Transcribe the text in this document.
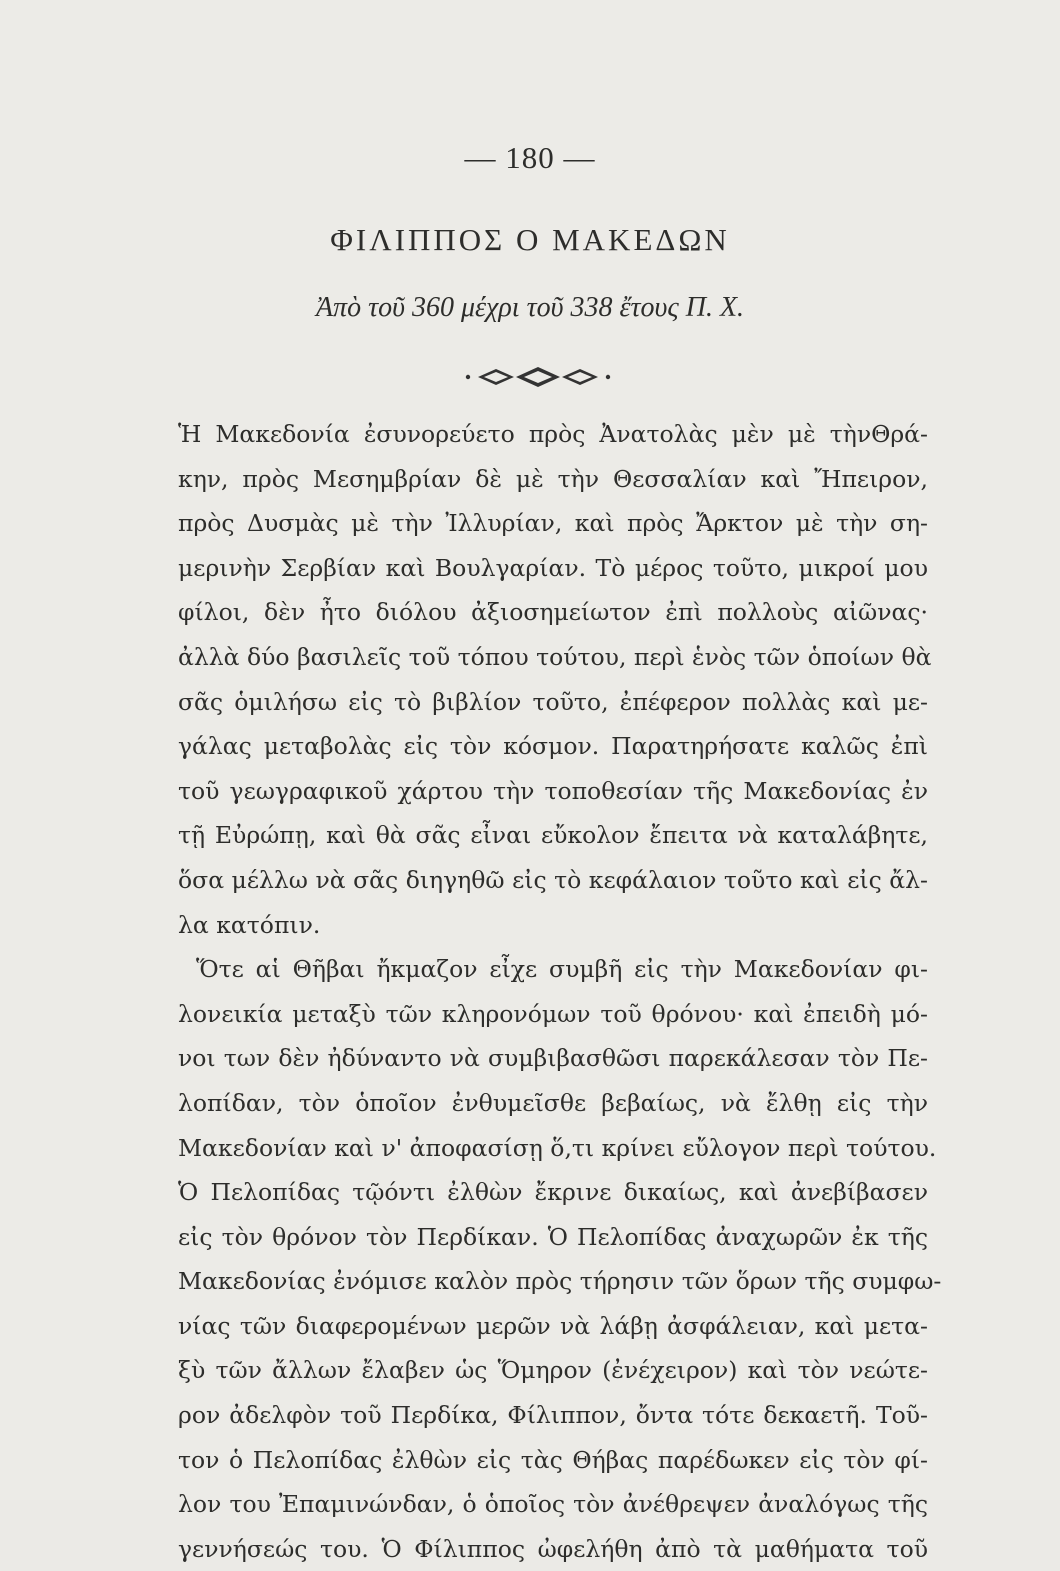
— 180 —
ΦΙΛΙΠΠΟΣ Ο ΜΑΚΕΔΩΝ
Ἀπὸ τοῦ 360 μέχρι τοῦ 338 ἔτους Π. Χ.
Ἡ Μακεδονία ἐσυνορεύετο πρὸς Ἀνατολὰς μὲν μὲ τὴνΘρά-
κην, πρὸς Μεσημβρίαν δὲ μὲ τὴν Θεσσαλίαν καὶ Ἤπειρον,
πρὸς Δυσμὰς μὲ τὴν Ἰλλυρίαν, καὶ πρὸς Ἄρκτον μὲ τὴν ση-
μερινὴν Σερβίαν καὶ Βουλγαρίαν. Τὸ μέρος τοῦτο, μικροί μου
φίλοι, δὲν ἦτο διόλου ἀξιοσημείωτον ἐπὶ πολλοὺς αἰῶνας·
ἀλλὰ δύο βασιλεῖς τοῦ τόπου τούτου, περὶ ἑνὸς τῶν ὁποίων θὰ
σᾶς ὁμιλήσω εἰς τὸ βιβλίον τοῦτο, ἐπέφερον πολλὰς καὶ με-
γάλας μεταβολὰς εἰς τὸν κόσμον. Παρατηρήσατε καλῶς ἐπὶ
τοῦ γεωγραφικοῦ χάρτου τὴν τοποθεσίαν τῆς Μακεδονίας ἐν
τῇ Εὐρώπῃ, καὶ θὰ σᾶς εἶναι εὔκολον ἔπειτα νὰ καταλάβητε,
ὅσα μέλλω νὰ σᾶς διηγηθῶ εἰς τὸ κεφάλαιον τοῦτο καὶ εἰς ἄλ-
λα κατόπιν.
Ὅτε αἱ Θῆβαι ἤκμαζον εἶχε συμβῆ εἰς τὴν Μακεδονίαν φι-
λονεικία μεταξὺ τῶν κληρονόμων τοῦ θρόνου· καὶ ἐπειδὴ μό-
νοι των δὲν ἠδύναντο νὰ συμβιβασθῶσι παρεκάλεσαν τὸν Πε-
λοπίδαν, τὸν ὁποῖον ἐνθυμεῖσθε βεβαίως, νὰ ἔλθῃ εἰς τὴν
Μακεδονίαν καὶ ν' ἀποφασίσῃ ὅ,τι κρίνει εὔλογον περὶ τούτου.
Ὁ Πελοπίδας τῷόντι ἐλθὼν ἔκρινε δικαίως, καὶ ἀνεβίβασεν
εἰς τὸν θρόνον τὸν Περδίκαν. Ὁ Πελοπίδας ἀναχωρῶν ἐκ τῆς
Μακεδονίας ἐνόμισε καλὸν πρὸς τήρησιν τῶν ὅρων τῆς συμφω-
νίας τῶν διαφερομένων μερῶν νὰ λάβῃ ἀσφάλειαν, καὶ μετα-
ξὺ τῶν ἄλλων ἔλαβεν ὡς Ὅμηρον (ἐνέχειρον) καὶ τὸν νεώτε-
ρον ἀδελφὸν τοῦ Περδίκα, Φίλιππον, ὄντα τότε δεκαετῆ. Τοῦ-
τον ὁ Πελοπίδας ἐλθὼν εἰς τὰς Θήβας παρέδωκεν εἰς τὸν φί-
λον του Ἐπαμινώνδαν, ὁ ὁποῖος τὸν ἀνέθρεψεν ἀναλόγως τῆς
γεννήσεώς του. Ὁ Φίλιππος ὠφελήθη ἀπὸ τὰ μαθήματα τοῦ
